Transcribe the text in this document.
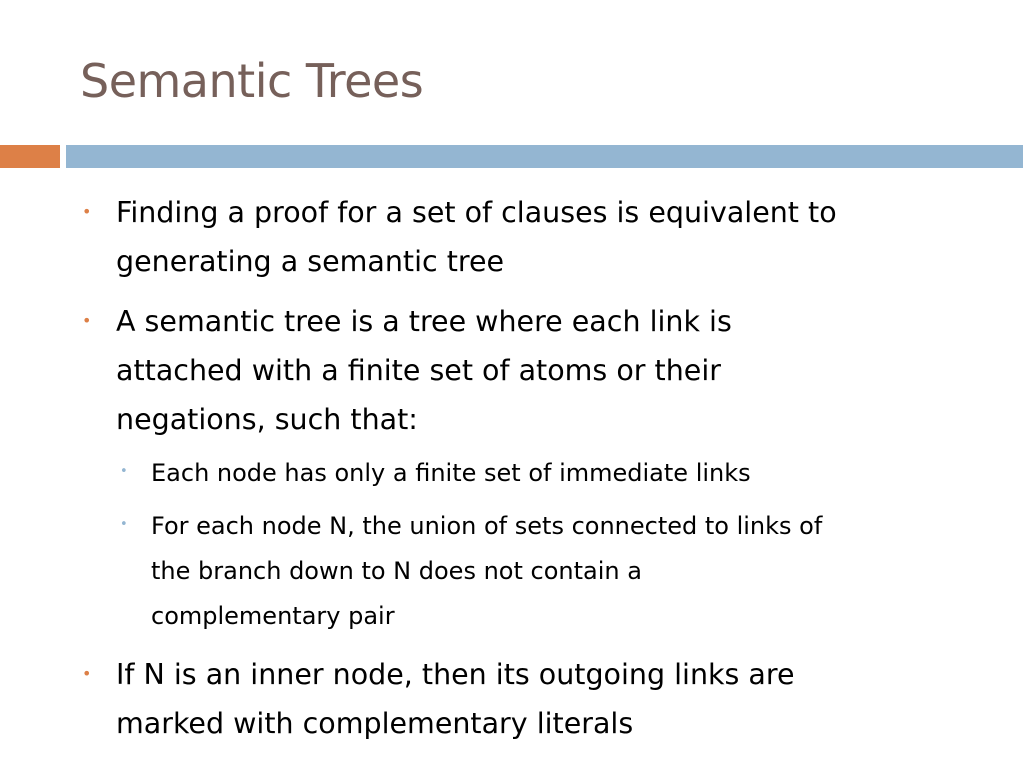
Semantic Trees
• Finding a proof for a set of clauses is equivalent to
generating a semantic tree
• A semantic tree is a tree where each link is
attached with a finite set of atoms or their
negations, such that:
• Each node has only a finite set of immediate links
• For each node N, the union of sets connected to links of
the branch down to N does not contain a
complementary pair
• If N is an inner node, then its outgoing links are
marked with complementary literals
